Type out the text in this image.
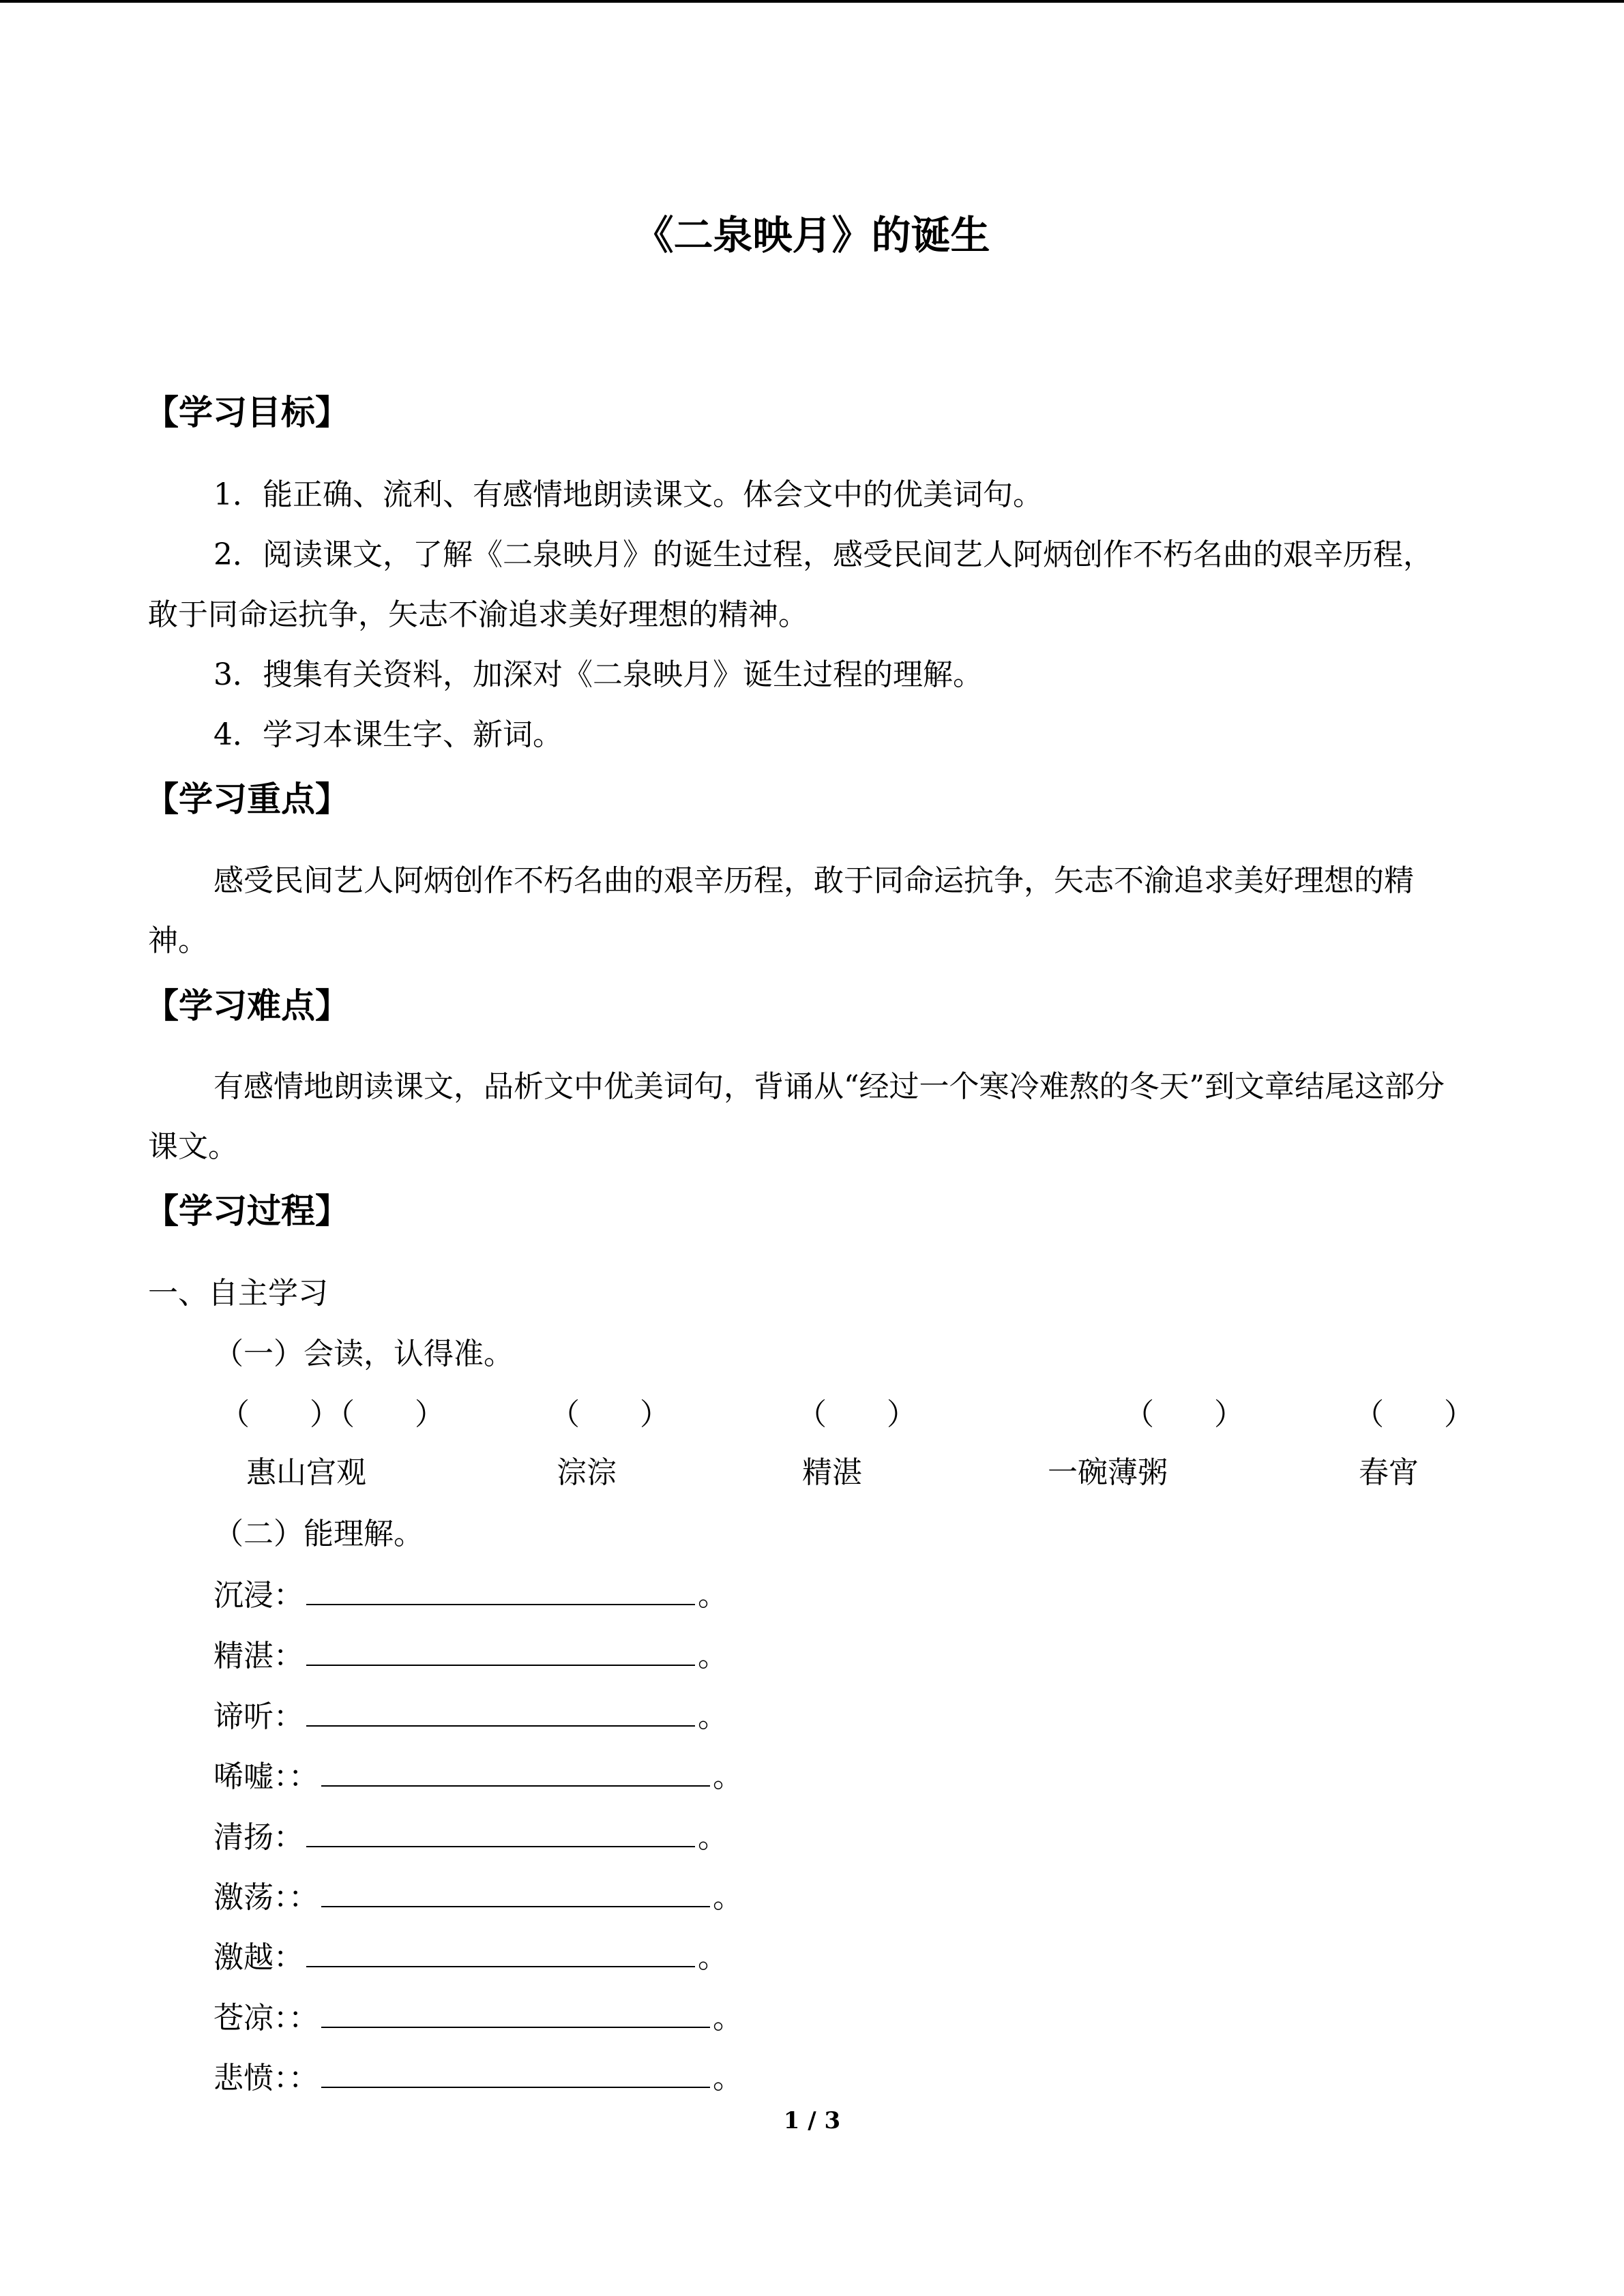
《二泉映月》的诞生
【学习目标】
1．能正确、流利、有感情地朗读课文。体会文中的优美词句。
2．阅读课文，了解《二泉映月》的诞生过程，感受民间艺人阿炳创作不朽名曲的艰辛历程，敢于同命运抗争，矢志不渝追求美好理想的精神。
3．搜集有关资料，加深对《二泉映月》诞生过程的理解。
4．学习本课生字、新词。
【学习重点】
感受民间艺人阿炳创作不朽名曲的艰辛历程，敢于同命运抗争，矢志不渝追求美好理想的精神。
【学习难点】
有感情地朗读课文，品析文中优美词句，背诵从“经过一个寒冷难熬的冬天”到文章结尾这部分课文。
【学习过程】
一、自主学习
（一）会读，认得准。
（　　）（　　）	（　　）	（　　）	（　　）	（　　）
惠山宫观	淙淙	精湛	一碗薄粥	春宵
（二）能理解。
沉浸：	。
精湛：	。
谛听：	。
唏嘘：：	。
清扬：	。
激荡：：	。
激越：	。
苍凉：：	。
悲愤：：	。
1 / 3
